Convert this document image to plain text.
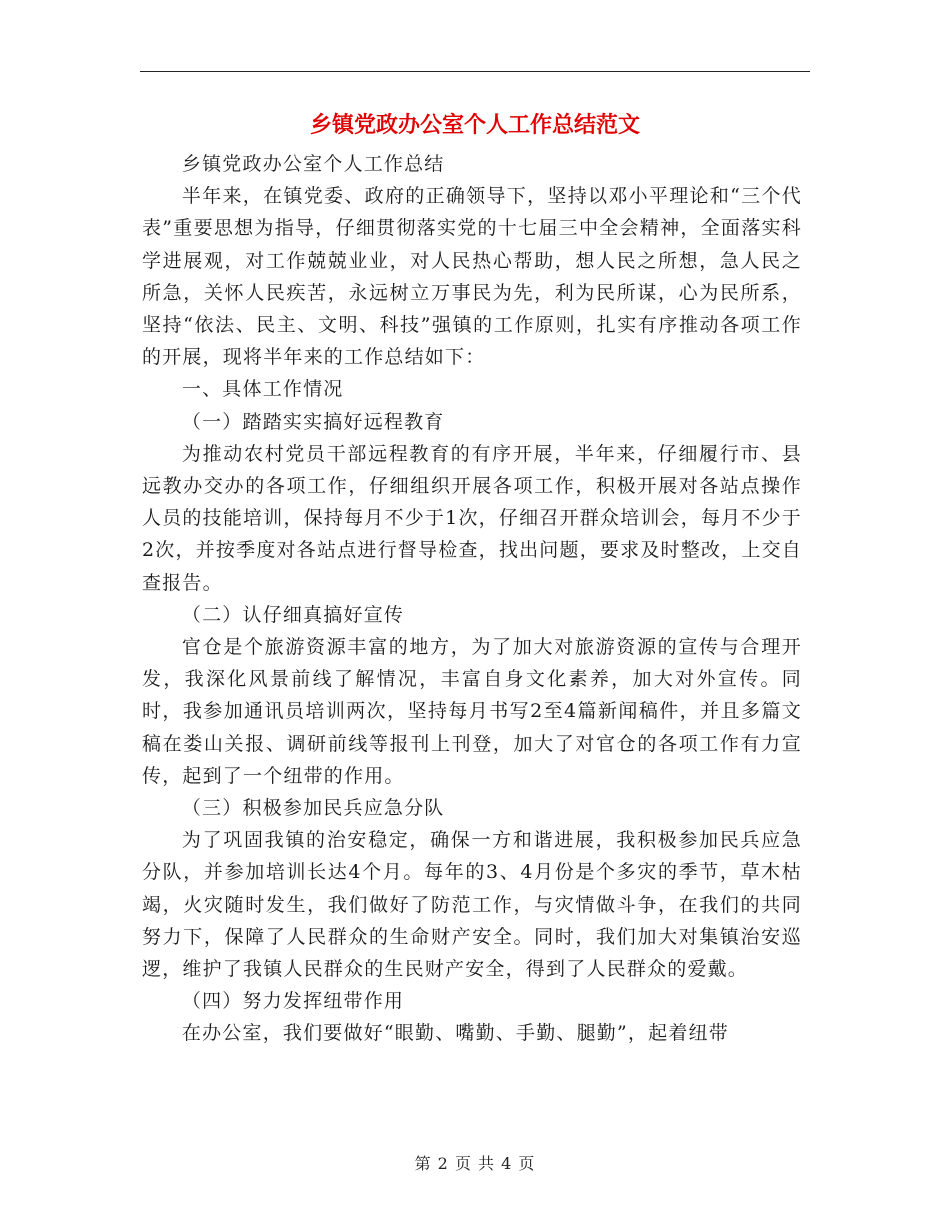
乡镇党政办公室个人工作总结范文

乡镇党政办公室个人工作总结

半年来，在镇党委、政府的正确领导下，坚持以邓小平理论和“三个代表”重要思想为指导，仔细贯彻落实党的十七届三中全会精神，全面落实科学进展观，对工作兢兢业业，对人民热心帮助，想人民之所想，急人民之所急，关怀人民疾苦，永远树立万事民为先，利为民所谋，心为民所系，坚持“依法、民主、文明、科技”强镇的工作原则，扎实有序推动各项工作的开展，现将半年来的工作总结如下：

一、具体工作情况

（一）踏踏实实搞好远程教育

为推动农村党员干部远程教育的有序开展，半年来，仔细履行市、县远教办交办的各项工作，仔细组织开展各项工作，积极开展对各站点操作人员的技能培训，保持每月不少于1次，仔细召开群众培训会，每月不少于2次，并按季度对各站点进行督导检查，找出问题，要求及时整改，上交自查报告。

（二）认仔细真搞好宣传

官仓是个旅游资源丰富的地方，为了加大对旅游资源的宣传与合理开发，我深化风景前线了解情况，丰富自身文化素养，加大对外宣传。同时，我参加通讯员培训两次，坚持每月书写2至4篇新闻稿件，并且多篇文稿在娄山关报、调研前线等报刊上刊登，加大了对官仓的各项工作有力宣传，起到了一个纽带的作用。

（三）积极参加民兵应急分队

为了巩固我镇的治安稳定，确保一方和谐进展，我积极参加民兵应急分队，并参加培训长达4个月。每年的3、4月份是个多灾的季节，草木枯竭，火灾随时发生，我们做好了防范工作，与灾情做斗争，在我们的共同努力下，保障了人民群众的生命财产安全。同时，我们加大对集镇治安巡逻，维护了我镇人民群众的生民财产安全，得到了人民群众的爱戴。

（四）努力发挥纽带作用

在办公室，我们要做好“眼勤、嘴勤、手勤、腿勤”，起着纽带

第 2 页 共 4 页
